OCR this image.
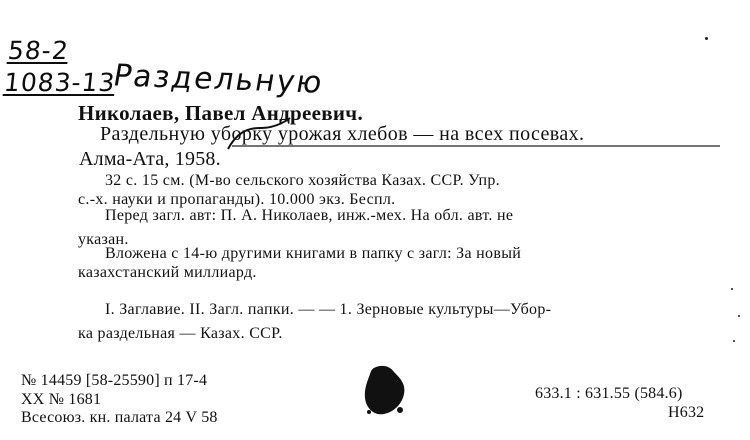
58-2
1083-13
Раздельную
Николаев, Павел Андреевич.
Раздельную уборку урожая хлебов — на всех посевах.
Алма-Ата, 1958.
32 с. 15 см. (М-во сельского хозяйства Казах. ССР. Упр.
с.-х. науки и пропаганды). 10.000 экз. Беспл.
Перед загл. авт: П. А. Николаев, инж.-мех. На обл. авт. не
указан.
Вложена с 14-ю другими книгами в папку с загл: За новый
казахстанский миллиард.
I. Заглавие. II. Загл. папки. — — 1. Зерновые культуры—Убор-
ка раздельная — Казах. ССР.
№ 14459 [58-25590] п 17-4
ХХ № 1681
Всесоюз. кн. палата 24 V 58
633.1 : 631.55 (584.6)
Н632
